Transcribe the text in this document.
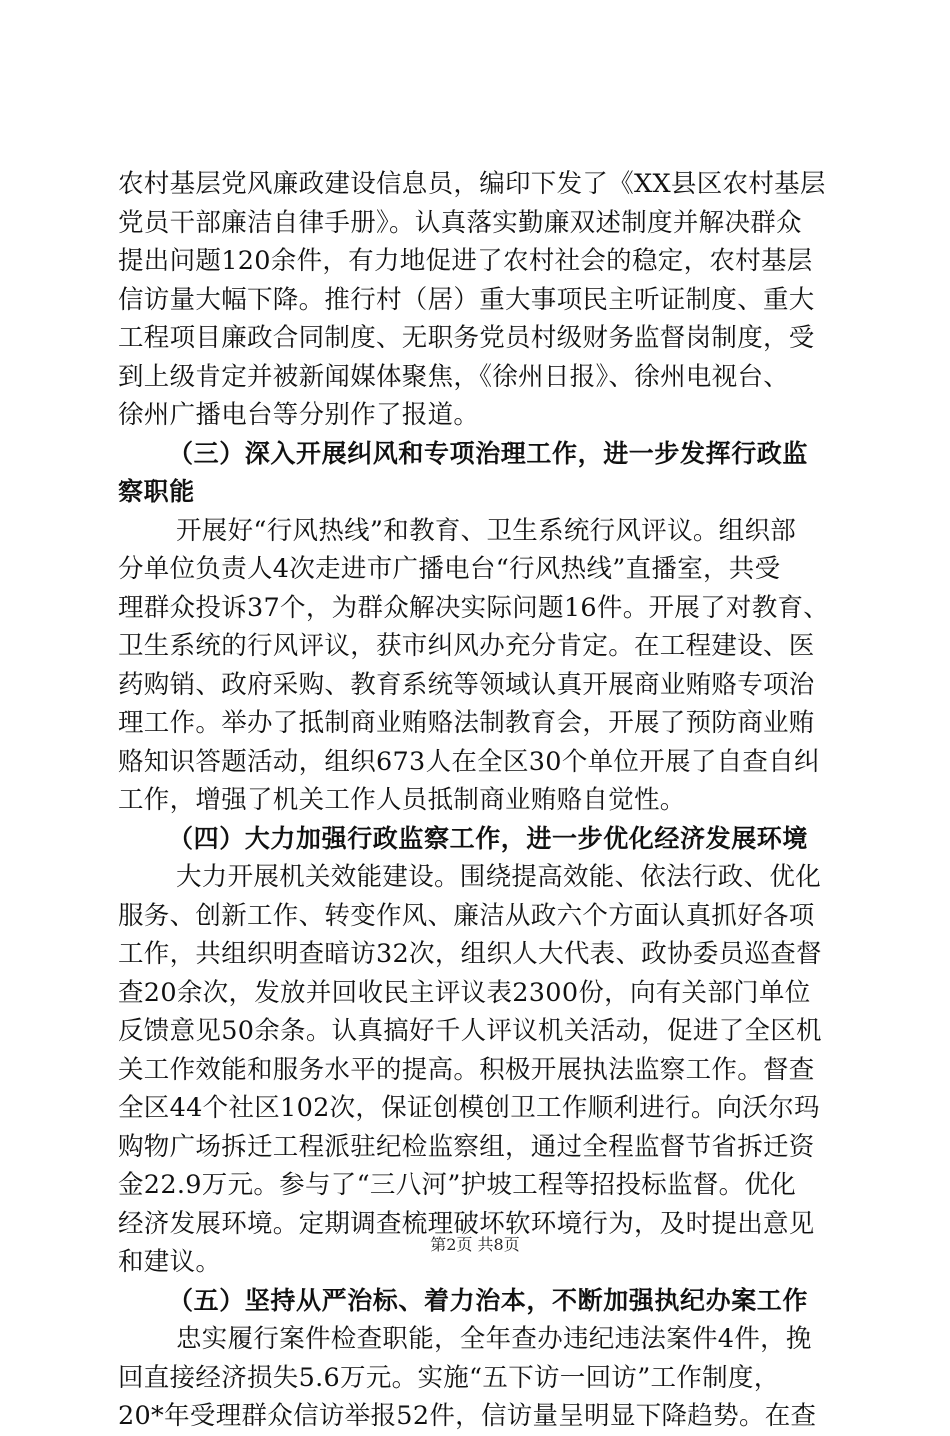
农村基层党风廉政建设信息员，编印下发了《XX县区农村基层
党员干部廉洁自律手册》。认真落实勤廉双述制度并解决群众
提出问题120余件，有力地促进了农村社会的稳定，农村基层
信访量大幅下降。推行村（居）重大事项民主听证制度、重大
工程项目廉政合同制度、无职务党员村级财务监督岗制度，受
到上级肯定并被新闻媒体聚焦，《徐州日报》、徐州电视台、
徐州广播电台等分别作了报道。
（三）深入开展纠风和专项治理工作，进一步发挥行政监
察职能
开展好“行风热线”和教育、卫生系统行风评议。组织部
分单位负责人4次走进市广播电台“行风热线”直播室，共受
理群众投诉37个，为群众解决实际问题16件。开展了对教育、
卫生系统的行风评议，获市纠风办充分肯定。在工程建设、医
药购销、政府采购、教育系统等领域认真开展商业贿赂专项治
理工作。举办了抵制商业贿赂法制教育会，开展了预防商业贿
赂知识答题活动，组织673人在全区30个单位开展了自查自纠
工作，增强了机关工作人员抵制商业贿赂自觉性。
（四）大力加强行政监察工作，进一步优化经济发展环境
大力开展机关效能建设。围绕提高效能、依法行政、优化
服务、创新工作、转变作风、廉洁从政六个方面认真抓好各项
工作，共组织明查暗访32次，组织人大代表、政协委员巡查督
查20余次，发放并回收民主评议表2300份，向有关部门单位
反馈意见50余条。认真搞好千人评议机关活动，促进了全区机
关工作效能和服务水平的提高。积极开展执法监察工作。督查
全区44个社区102次，保证创模创卫工作顺利进行。向沃尔玛
购物广场拆迁工程派驻纪检监察组，通过全程监督节省拆迁资
金22.9万元。参与了“三八河”护坡工程等招投标监督。优化
经济发展环境。定期调查梳理破坏软环境行为，及时提出意见
和建议。
（五）坚持从严治标、着力治本，不断加强执纪办案工作
忠实履行案件检查职能，全年查办违纪违法案件4件，挽
回直接经济损失5.6万元。实施“五下访一回访”工作制度，
20*年受理群众信访举报52件，信访量呈明显下降趋势。在查
第2页 共8页
